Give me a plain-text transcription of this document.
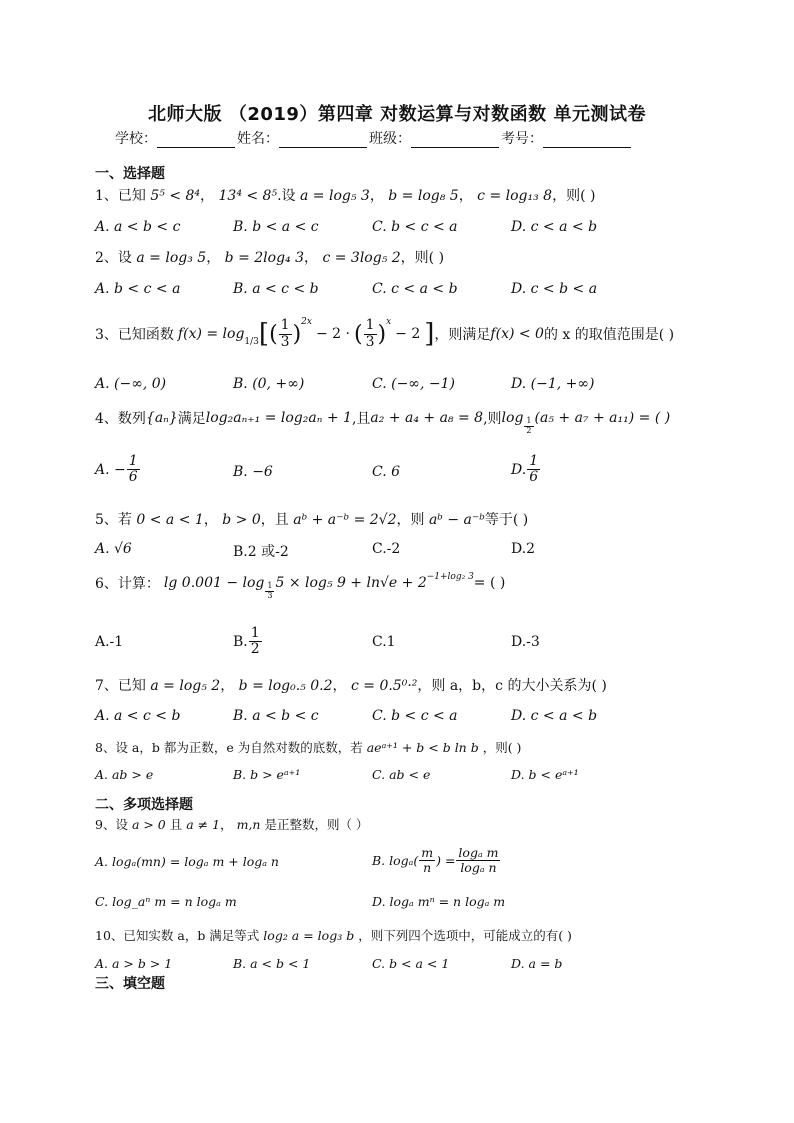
北师大版 （2019）第四章 对数运算与对数函数 单元测试卷
学校：	姓名：	班级：	考号：
一、选择题
1、已知 5⁵ < 8⁴， 13⁴ < 8⁵.设 a = log₅ 3， b = log₈ 5， c = log₁₃ 8，则( )
A. a < b < c	B. b < a < c	C. b < c < a	D. c < a < b
2、设 a = log₃ 5， b = 2log₄ 3， c = 3log₅ 2，则( )
A. b < c < a	B. a < c < b	C. c < a < b	D. c < b < a
3、已知函数 f(x) = log 1/3 [ ( $\frac{1}{3} )^{2x}$
− 2 · ( $\frac{1}{3} )^x$
− 2 ] ，则满足 f(x) < 0 的 x 的取值范围是( )
A. (−∞, 0)	B. (0, +∞)	C. (−∞, −1)	D. (−1, +∞)
4、数列 {aₙ} 满足 log₂aₙ₊₁ = log₂aₙ + 1 ,且 a₂ + a₄ + a₈ = 8 ,则 $\log \frac{1}{2} (a_5 + a_7 + a_{11})$ = ( )
A. − $\frac{1}{6}$	B. −6	C. 6	D. $\frac{1}{6}$
5、若 0 < a < 1， b > 0，且 aᵇ + a⁻ᵇ = 2√2，则 aᵇ − a⁻ᵇ等于( )
A. √6	B.2 或-2	C.-2	D.2
6、计算： $\lg 0.001 - \log \frac{1}{3} 5 \times \log_5$ $9 + \ln√e + 2^{-1+log_2 3}$ = ( )
A.-1	B. $\frac{1}{2}$	C.1	D.-3
7、已知 a = log₅ 2， b = log₀.₅ 0.2， c = 0.5⁰·²，则 a，b，c 的大小关系为( )
A. a < c < b	B. a < b < c	C. b < c < a	D. c < a < b
8、设 a，b 都为正数，e 为自然对数的底数，若 aeᵃ⁺¹ + b < b ln b ，则( )
A. ab > e	B. b > eᵃ⁺¹	C. ab < e	D. b < eᵃ⁺¹
二、多项选择题
9、设 a > 0 且 a ≠ 1， m,n 是正整数，则（ ）
A. logₐ(mn) = logₐ m + logₐ n	B. $\log_a( \frac{m}{n}$ ) = $\frac{\text{logₐ m}}{\text{logₐ n}}$
C. log_aⁿ m = n logₐ m	D. logₐ mⁿ = n logₐ m
10、已知实数 a，b 满足等式 log₂ a = log₃ b ，则下列四个选项中，可能成立的有( )
A. a > b > 1	B. a < b < 1	C. b < a < 1	D. a = b
三、填空题
